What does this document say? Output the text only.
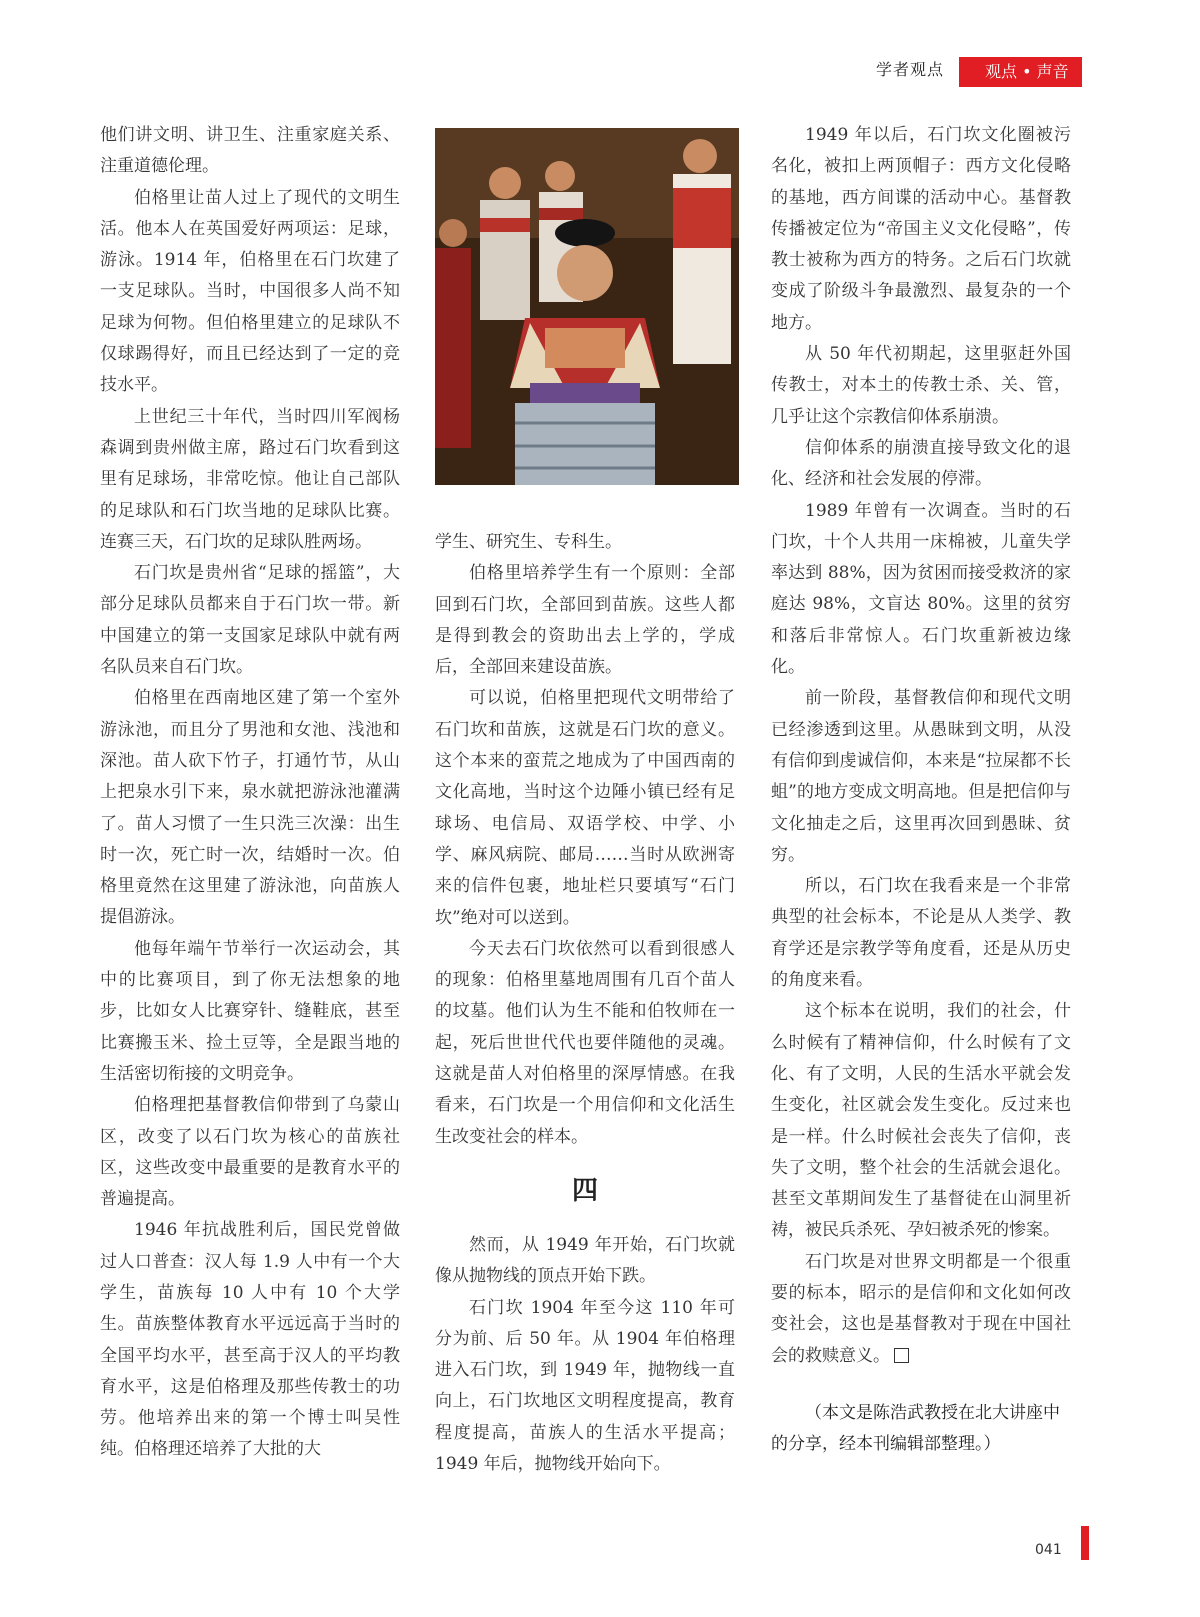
学者观点	观点 • 声音

他们讲文明、讲卫生、注重家庭关系、注重道德伦理。

伯格里让苗人过上了现代的文明生活。他本人在英国爱好两项运：足球，游泳。1914 年，伯格里在石门坎建了一支足球队。当时，中国很多人尚不知足球为何物。但伯格里建立的足球队不仅球踢得好，而且已经达到了一定的竞技水平。

上世纪三十年代，当时四川军阀杨森调到贵州做主席，路过石门坎看到这里有足球场，非常吃惊。他让自己部队的足球队和石门坎当地的足球队比赛。连赛三天，石门坎的足球队胜两场。

石门坎是贵州省“足球的摇篮”，大部分足球队员都来自于石门坎一带。新中国建立的第一支国家足球队中就有两名队员来自石门坎。

伯格里在西南地区建了第一个室外游泳池，而且分了男池和女池、浅池和深池。苗人砍下竹子，打通竹节，从山上把泉水引下来，泉水就把游泳池灌满了。苗人习惯了一生只洗三次澡：出生时一次，死亡时一次，结婚时一次。伯格里竟然在这里建了游泳池，向苗族人提倡游泳。

他每年端午节举行一次运动会，其中的比赛项目，到了你无法想象的地步，比如女人比赛穿针、缝鞋底，甚至比赛搬玉米、捡土豆等，全是跟当地的生活密切衔接的文明竞争。

伯格理把基督教信仰带到了乌蒙山区，改变了以石门坎为核心的苗族社区，这些改变中最重要的是教育水平的普遍提高。

1946 年抗战胜利后，国民党曾做过人口普查：汉人每 1.9 人中有一个大学生，苗族每 10 人中有 10 个大学生。苗族整体教育水平远远高于当时的全国平均水平，甚至高于汉人的平均教育水平，这是伯格理及那些传教士的功劳。他培养出来的第一个博士叫吴性纯。伯格理还培养了大批的大

学生、研究生、专科生。

伯格里培养学生有一个原则：全部回到石门坎，全部回到苗族。这些人都是得到教会的资助出去上学的，学成后，全部回来建设苗族。

可以说，伯格里把现代文明带给了石门坎和苗族，这就是石门坎的意义。这个本来的蛮荒之地成为了中国西南的文化高地，当时这个边陲小镇已经有足球场、电信局、双语学校、中学、小学、麻风病院、邮局……当时从欧洲寄来的信件包裹，地址栏只要填写“石门坎”绝对可以送到。

今天去石门坎依然可以看到很感人的现象：伯格里墓地周围有几百个苗人的坟墓。他们认为生不能和伯牧师在一起，死后世世代代也要伴随他的灵魂。这就是苗人对伯格里的深厚情感。在我看来，石门坎是一个用信仰和文化活生生改变社会的样本。

四

然而，从 1949 年开始，石门坎就像从抛物线的顶点开始下跌。

石门坎 1904 年至今这 110 年可分为前、后 50 年。从 1904 年伯格理进入石门坎，到 1949 年，抛物线一直向上，石门坎地区文明程度提高，教育程度提高，苗族人的生活水平提高；1949 年后，抛物线开始向下。

1949 年以后，石门坎文化圈被污名化，被扣上两顶帽子：西方文化侵略的基地，西方间谍的活动中心。基督教传播被定位为“帝国主义文化侵略”，传教士被称为西方的特务。之后石门坎就变成了阶级斗争最激烈、最复杂的一个地方。

从 50 年代初期起，这里驱赶外国传教士，对本土的传教士杀、关、管，几乎让这个宗教信仰体系崩溃。

信仰体系的崩溃直接导致文化的退化、经济和社会发展的停滞。

1989 年曾有一次调查。当时的石门坎，十个人共用一床棉被，儿童失学率达到 88%，因为贫困而接受救济的家庭达 98%，文盲达 80%。这里的贫穷和落后非常惊人。石门坎重新被边缘化。

前一阶段，基督教信仰和现代文明已经渗透到这里。从愚昧到文明，从没有信仰到虔诚信仰，本来是“拉屎都不长蛆”的地方变成文明高地。但是把信仰与文化抽走之后，这里再次回到愚昧、贫穷。

所以，石门坎在我看来是一个非常典型的社会标本，不论是从人类学、教育学还是宗教学等角度看，还是从历史的角度来看。

这个标本在说明，我们的社会，什么时候有了精神信仰，什么时候有了文化、有了文明，人民的生活水平就会发生变化，社区就会发生变化。反过来也是一样。什么时候社会丧失了信仰，丧失了文明，整个社会的生活就会退化。甚至文革期间发生了基督徒在山洞里祈祷，被民兵杀死、孕妇被杀死的惨案。

石门坎是对世界文明都是一个很重要的标本，昭示的是信仰和文化如何改变社会，这也是基督教对于现在中国社会的救赎意义。

（本文是陈浩武教授在北大讲座中的分享，经本刊编辑部整理。）
041
